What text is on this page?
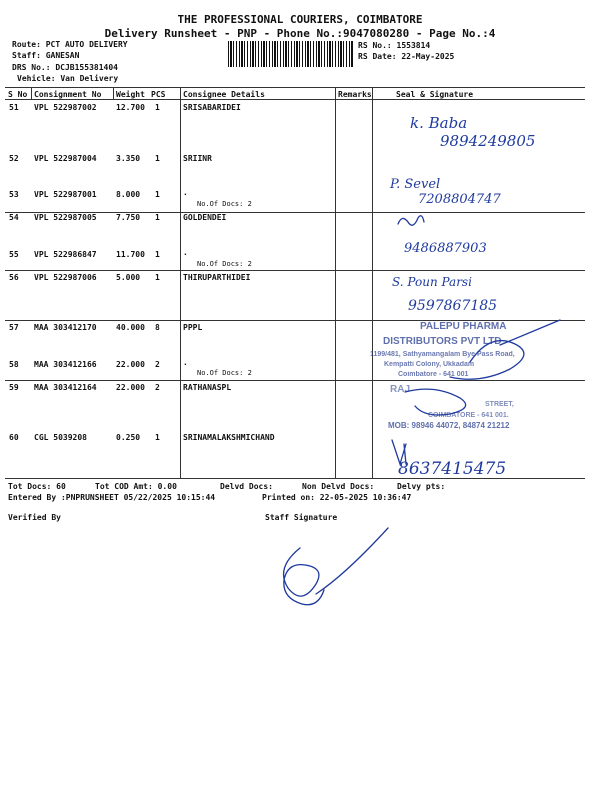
THE PROFESSIONAL COURIERS, COIMBATORE
Delivery Runsheet - PNP - Phone No.:9047080280 - Page No.:4
Route: PCT AUTO DELIVERY
Staff: GANESAN
DRS No.: DCJB155381404
Vehicle: Van Delivery
RS No.: 1553814
RS Date: 22-May-2025
S No Consignment No Weight PCS Consignee Details	Remarks	Seal & Signature
51 VPL 522987002 12.700 1	SRISABARIDEI
52 VPL 522987004 3.350 1	SRIINR
53 VPL 522987001 8.000 1	.
No.Of Docs: 2
54 VPL 522987005 7.750 1	GOLDENDEI
55 VPL 522986847 11.700 1	.
No.Of Docs: 2
56 VPL 522987006 5.000 1	THIRUPARTHIDEI
57 MAA 303412170 40.000 8	PPPL
58 MAA 303412166 22.000 2	.
No.Of Docs: 2
59 MAA 303412164 22.000 2	RATHANASPL
60 CGL 5039208	0.250 1	SRINAMALAKSHMICHAND
k. Baba
9894249805
P. Sevel
7208804747
9486887903
S. Poun Parsi
9597867185
PALEPU PHARMA
DISTRIBUTORS PVT LTD
1199/481, Sathyamangalam Bye Pass Road,
Kempatti Colony, Ukkadam
Coimbatore - 641 001
RAJ
STREET,
COIMBATORE - 641 001.
MOB: 98946 44072, 84874 21212
8637415475
Tot Docs: 60	Tot COD Amt: 0.00	Delvd Docs:	Non Delvd Docs:	Delvy pts:
Entered By :PNPRUNSHEET 05/22/2025 10:15:44	Printed on: 22-05-2025 10:36:47
Verified By	Staff Signature
